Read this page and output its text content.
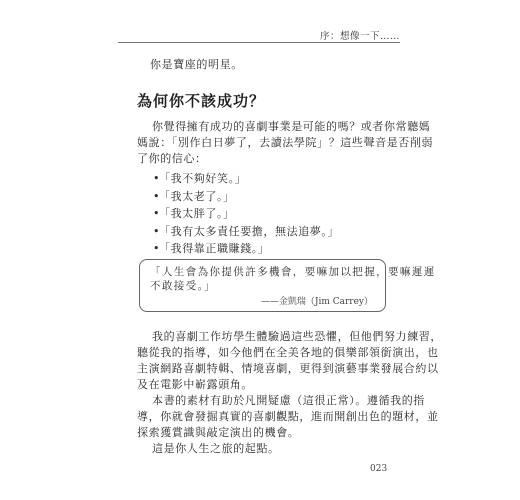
序：想像一下……
你是寶座的明星。
為何你不該成功？
你覺得擁有成功的喜劇事業是可能的嗎？或者你常聽媽
媽說：「別作白日夢了，去讀法學院」？這些聲音是否削弱
了你的信心：
•「我不夠好笑。」
•「我太老了。」
•「我太胖了。」
•「我有太多責任要擔，無法追夢。」
•「我得靠正職賺錢。」
「人生會為你提供許多機會，要嘛加以把握，要嘛遲遲
不敢接受。」
——金凱瑞（Jim Carrey）
我的喜劇工作坊學生體驗過這些恐懼，但他們努力練習，
聽從我的指導，如今他們在全美各地的俱樂部領銜演出，也
主演網路喜劇特輯、情境喜劇，更得到演藝事業發展合約以
及在電影中嶄露頭角。
本書的素材有助於凡開疑慮（這很正常）。遵循我的指
導，你就會發掘真實的喜劇觀點，進而開創出色的題材，並
探索獲賞識與敲定演出的機會。
這是你人生之旅的起點。
023
